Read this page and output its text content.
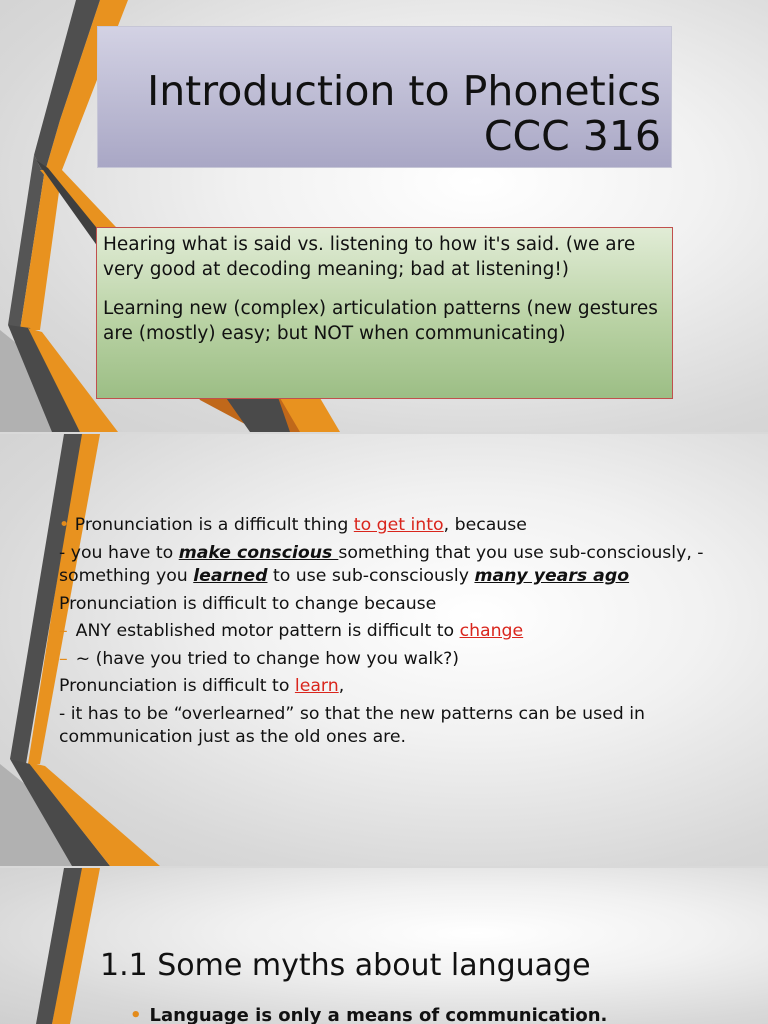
Introduction to Phonetics
CCC 316

Hearing what is said vs. listening to how it's said. (we are very good at decoding meaning; bad at listening!)

Learning new (complex) articulation patterns (new gestures are (mostly) easy; but NOT when communicating)

• Pronunciation is a difficult thing to get into, because
- you have to make conscious something that you use sub-consciously, - something you learned to use sub-consciously many years ago
Pronunciation is difficult to change because
– ANY established motor pattern is difficult to change
– ~ (have you tried to change how you walk?)
Pronunciation is difficult to learn,
- it has to be “overlearned” so that the new patterns can be used in communication just as the old ones are.
1.1 Some myths about language
• Language is only a means of communication.
